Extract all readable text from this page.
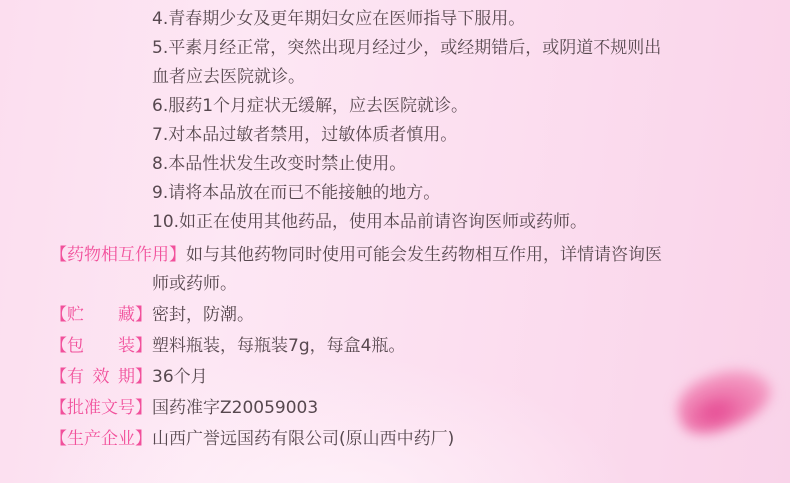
4.青春期少女及更年期妇女应在医师指导下服用。
5.平素月经正常，突然出现月经过少，或经期错后，或阴道不规则出血者应去医院就诊。
6.服药1个月症状无缓解，应去医院就诊。
7.对本品过敏者禁用，过敏体质者慎用。
8.本品性状发生改变时禁止使用。
9.请将本品放在而已不能接触的地方。
10.如正在使用其他药品，使用本品前请咨询医师或药师。
【药物相互作用】如与其他药物同时使用可能会发生药物相互作用，详情请咨询医师或药师。
【贮藏】密封，防潮。
【包装】塑料瓶装，每瓶装7g，每盒4瓶。
【有效期】36个月
【批准文号】国药准字Z20059003
【生产企业】山西广誉远国药有限公司(原山西中药厂)
